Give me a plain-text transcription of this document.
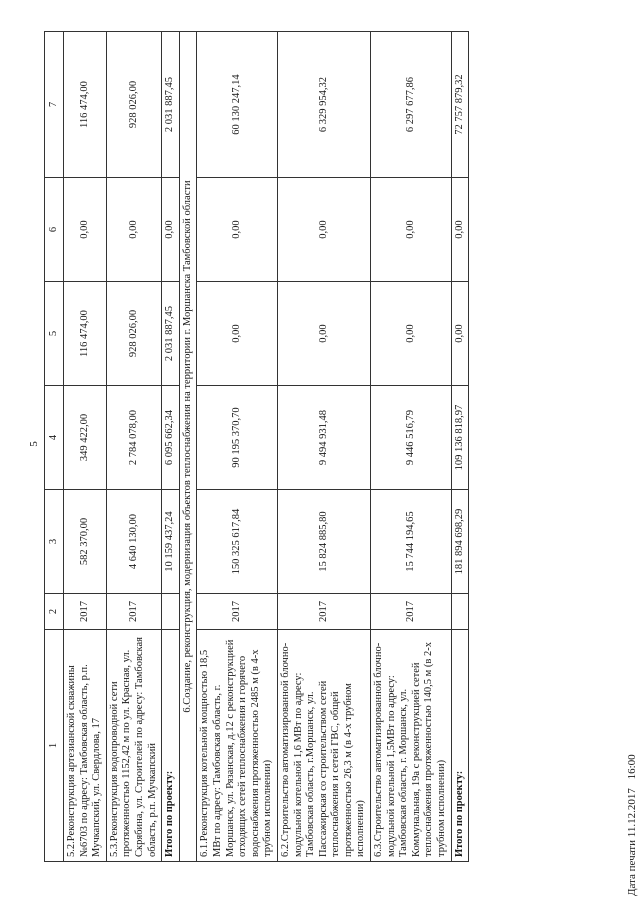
5
1	2	3	4	5	6	7
5.2.Реконструкция артезианской скважины №6703 по адресу: Тамбовская область, р.п. Мучкапский, ул. Свердлова, 17	2017	582 370,00	349 422,00	116 474,00	0,00	116 474,00
5.3.Реконструкция водопроводной сети протяженностью 1152,42 м по ул. Красная, ул. Скрябина, ул. Строителей по адресу: Тамбовская область, р.п. Мучкапский	2017	4 640 130,00	2 784 078,00	928 026,00	0,00	928 026,00
Итого по проекту:		10 159 437,24	6 095 662,34	2 031 887,45	0,00	2 031 887,45
6.Создание, реконструкция, модернизация объектов теплоснабжения на территории г. Моршанска Тамбовской области						
6.1.Реконструкция котельной мощностью 18,5 МВт по адресу: Тамбовская область, г. Моршанск, ул. Рязанская, д.12 с реконструкцией отходящих сетей теплоснабжения и горячего водоснабжения протяженностью 2485 м (в 4-х трубном исполнении)	2017	150 325 617,84	90 195 370,70	0,00	0,00	60 130 247,14
6.2.Строительство автоматизированной блочно-модульной котельной 1,6 МВт по адресу: Тамбовская область, г.Моршанск, ул. Пассажирская со строительством сетей теплоснабжения и сетей ГВС, общей протяженностью 26,3 м (в 4-х трубном исполнении)	2017	15 824 885,80	9 494 931,48	0,00	0,00	6 329 954,32
6.3.Строительство автоматизированной блочно-модульной котельной 1,5МВт по адресу: Тамбовская область, г. Моршанск, ул. Коммунальная, 19а с реконструкцией сетей теплоснабжения протяженностью 140,5 м (в 2-х трубном исполнении)	2017	15 744 194,65	9 446 516,79	0,00	0,00	6 297 677,86
Итого по проекту:		181 894 698,29	109 136 818,97	0,00	0,00	72 757 879,32
Дата печати 11.12.2017 16:00
